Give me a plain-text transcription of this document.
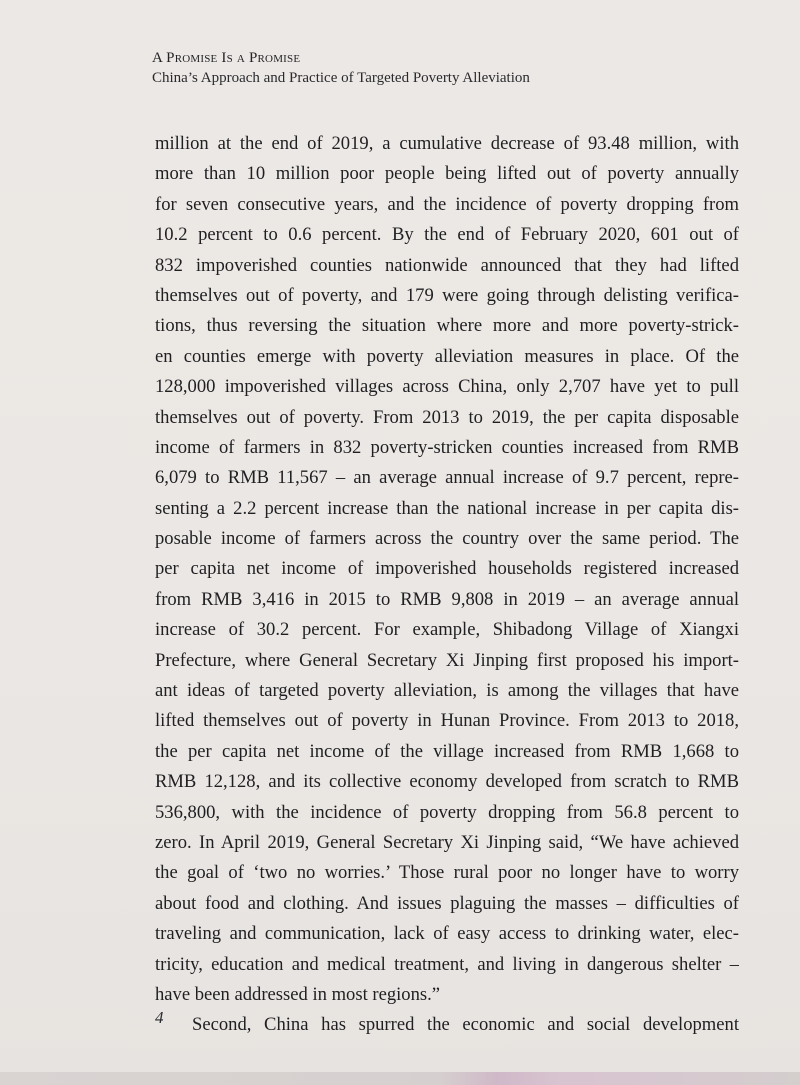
A Promise Is a Promise
China’s Approach and Practice of Targeted Poverty Alleviation
million at the end of 2019, a cumulative decrease of 93.48 million, with
more than 10 million poor people being lifted out of poverty annually
for seven consecutive years, and the incidence of poverty dropping from
10.2 percent to 0.6 percent. By the end of February 2020, 601 out of
832 impoverished counties nationwide announced that they had lifted
themselves out of poverty, and 179 were going through delisting verifica-
tions, thus reversing the situation where more and more poverty-strick-
en counties emerge with poverty alleviation measures in place. Of the
128,000 impoverished villages across China, only 2,707 have yet to pull
themselves out of poverty. From 2013 to 2019, the per capita disposable
income of farmers in 832 poverty-stricken counties increased from RMB
6,079 to RMB 11,567 – an average annual increase of 9.7 percent, repre-
senting a 2.2 percent increase than the national increase in per capita dis-
posable income of farmers across the country over the same period. The
per capita net income of impoverished households registered increased
from RMB 3,416 in 2015 to RMB 9,808 in 2019 – an average annual
increase of 30.2 percent. For example, Shibadong Village of Xiangxi
Prefecture, where General Secretary Xi Jinping first proposed his import-
ant ideas of targeted poverty alleviation, is among the villages that have
lifted themselves out of poverty in Hunan Province. From 2013 to 2018,
the per capita net income of the village increased from RMB 1,668 to
RMB 12,128, and its collective economy developed from scratch to RMB
536,800, with the incidence of poverty dropping from 56.8 percent to
zero. In April 2019, General Secretary Xi Jinping said, “We have achieved
the goal of ‘two no worries.’ Those rural poor no longer have to worry
about food and clothing. And issues plaguing the masses – difficulties of
traveling and communication, lack of easy access to drinking water, elec-
tricity, education and medical treatment, and living in dangerous shelter –
have been addressed in most regions.”
Second, China has spurred the economic and social development
4
